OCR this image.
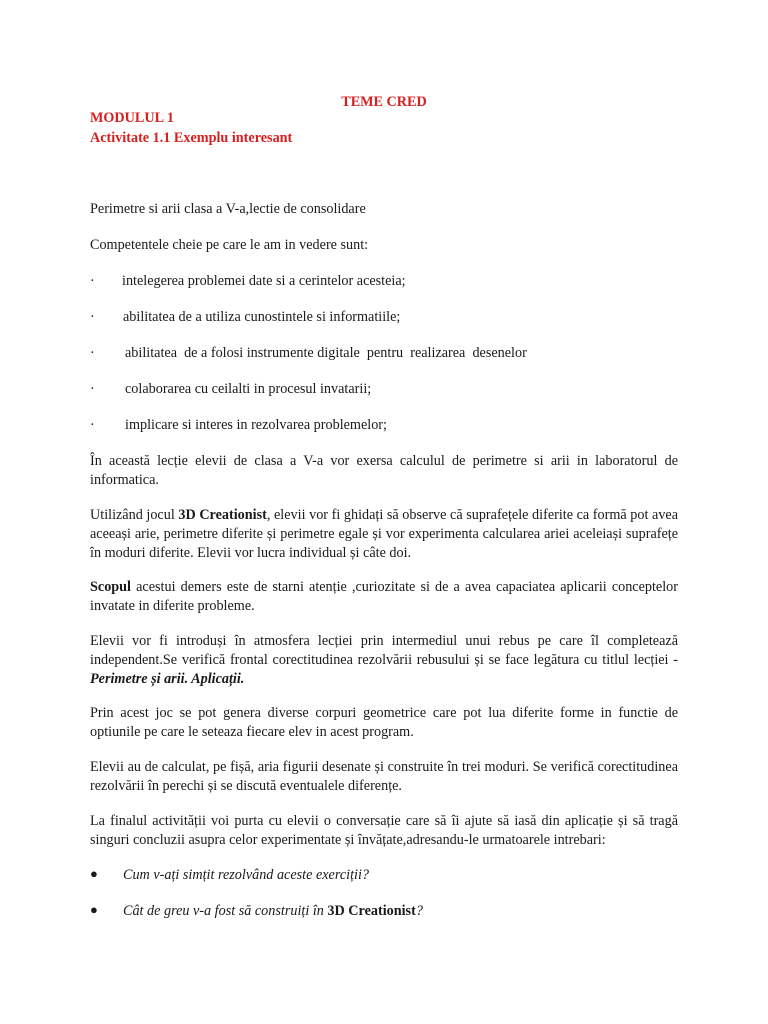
TEME CRED
MODULUL 1
Activitate 1.1 Exemplu interesant
Perimetre si arii clasa a V-a,lectie de consolidare
Competentele cheie pe care le am in vedere sunt:
· intelegerea problemei date si a cerintelor acesteia;
· abilitatea de a utiliza cunostintele si informatiile;
· abilitatea  de a folosi instrumente digitale  pentru  realizarea  desenelor
· colaborarea cu ceilalti in procesul invatarii;
· implicare si interes in rezolvarea problemelor;
În această lecție elevii de clasa a V-a vor exersa calculul de perimetre si arii in laboratorul de informatica.
Utilizând jocul 3D Creationist, elevii vor fi ghidați să observe că suprafețele diferite ca formă pot avea aceeași arie, perimetre diferite și perimetre egale și vor experimenta calcularea ariei aceleiași suprafețe în moduri diferite. Elevii vor lucra individual și câte doi.
Scopul acestui demers este de starni atenție ,curiozitate si de a avea capaciatea aplicarii conceptelor invatate in diferite probleme.
Elevii vor fi introduși în atmosfera lecției prin intermediul unui rebus pe care îl completează independent.Se verifică frontal corectitudinea rezolvării rebusului și se face legătura cu titlul lecției - Perimetre și arii. Aplicații.
Prin acest joc se pot genera diverse corpuri geometrice care pot lua diferite forme in functie de optiunile pe care le seteaza fiecare elev in acest program.
Elevii au de calculat, pe fișă, aria figurii desenate și construite în trei moduri. Se verifică corectitudinea rezolvării în perechi și se discută eventualele diferențe.
La finalul activității voi purta cu elevii o conversație care să îi ajute să iasă din aplicație și să tragă singuri concluzii asupra celor experimentate și învățate,adresandu-le urmatoarele intrebari:
● Cum v-ați simțit rezolvând aceste exerciții?
● Cât de greu v-a fost să construiți în 3D Creationist?
